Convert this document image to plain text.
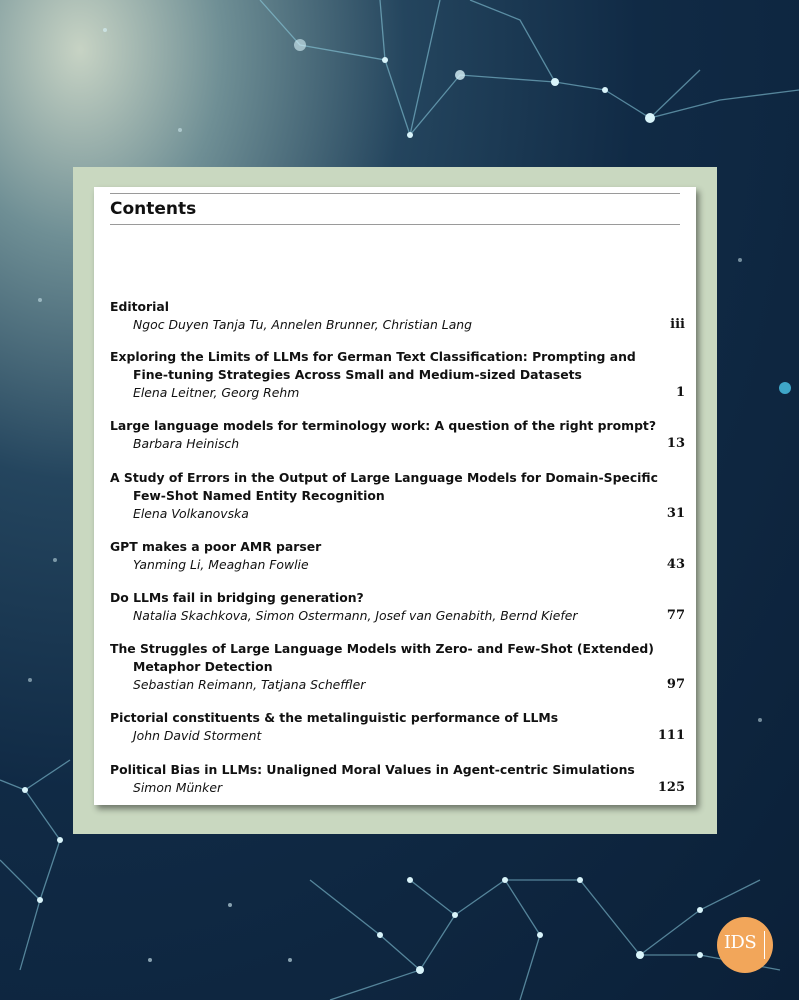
Contents
Editorial
Ngoc Duyen Tanja Tu, Annelen Brunner, Christian Lang	iii
Exploring the Limits of LLMs for German Text Classification: Prompting and Fine-tuning Strategies Across Small and Medium-sized Datasets
Elena Leitner, Georg Rehm	1
Large language models for terminology work: A question of the right prompt?
Barbara Heinisch	13
A Study of Errors in the Output of Large Language Models for Domain-Specific Few-Shot Named Entity Recognition
Elena Volkanovska	31
GPT makes a poor AMR parser
Yanming Li, Meaghan Fowlie	43
Do LLMs fail in bridging generation?
Natalia Skachkova, Simon Ostermann, Josef van Genabith, Bernd Kiefer	77
The Struggles of Large Language Models with Zero- and Few-Shot (Extended) Metaphor Detection
Sebastian Reimann, Tatjana Scheffler	97
Pictorial constituents & the metalinguistic performance of LLMs
John David Storment	111
Political Bias in LLMs: Unaligned Moral Values in Agent-centric Simulations
Simon Münker	125
IDS
